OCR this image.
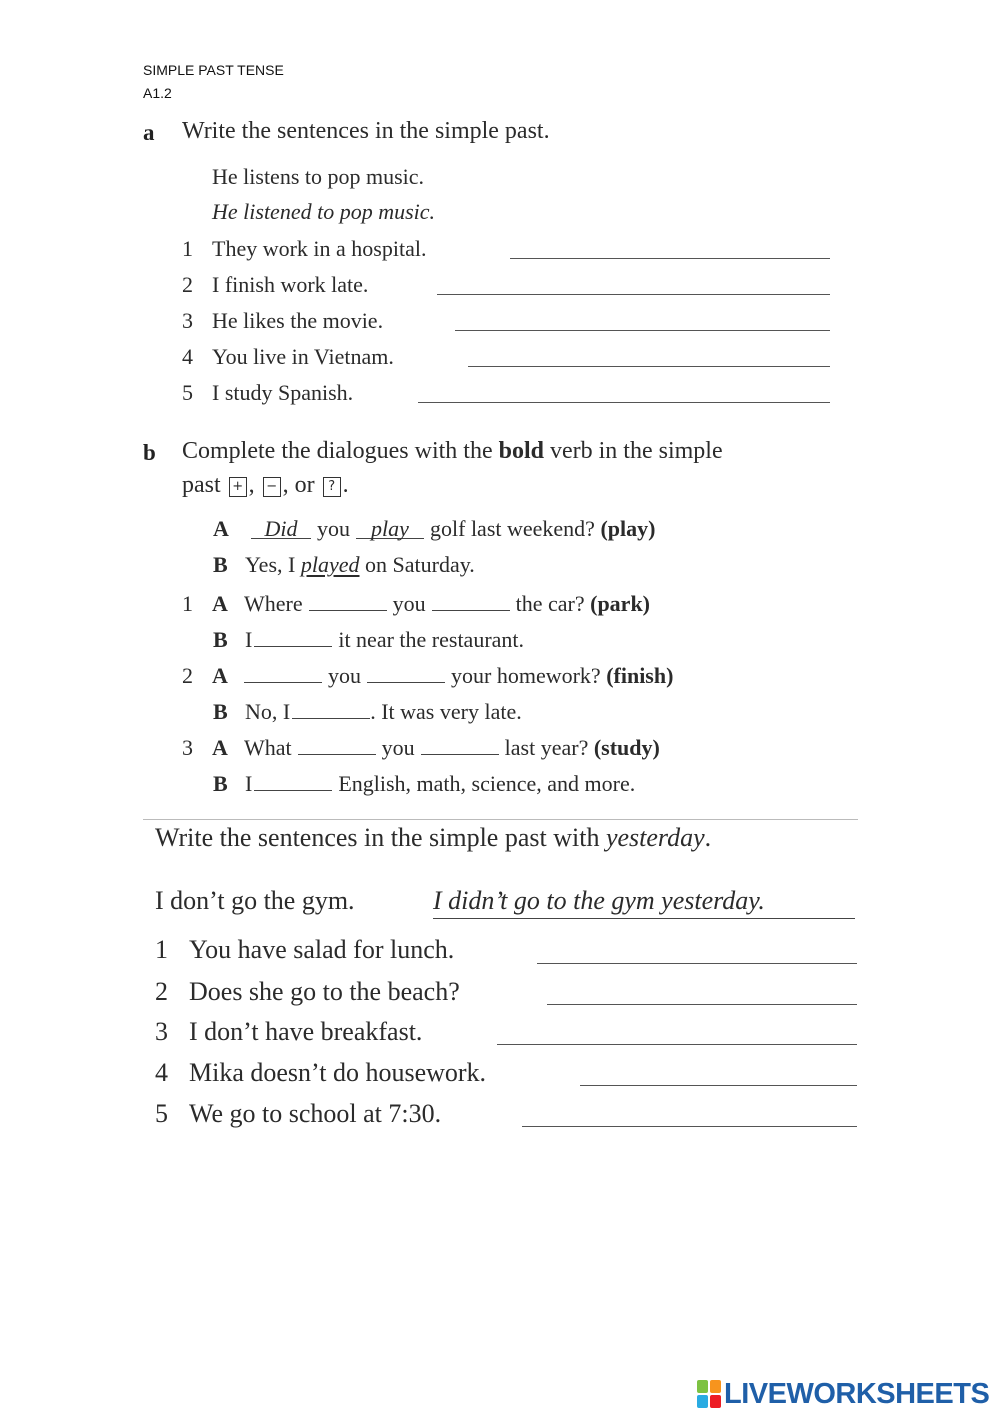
SIMPLE PAST TENSE
A1.2
a Write the sentences in the simple past.
He listens to pop music.
He listened to pop music.
1 They work in a hospital.
2 I finish work late.
3 He likes the movie.
4 You live in Vietnam.
5 I study Spanish.
b Complete the dialogues with the bold verb in the simple
past + , − , or ? .
A Did you play golf last weekend? (play)
B Yes, I played on Saturday.
1 A Where	you	the car? (park)
B I	it near the restaurant.
2 A	you	your homework? (finish)
B No, I	. It was very late.
3 A What	you	last year? (study)
B I	English, math, science, and more.
Write the sentences in the simple past with yesterday.
I don’t go the gym.	I didn’t go to the gym yesterday.
1 You have salad for lunch.
2 Does she go to the beach?
3 I don’t have breakfast.
4 Mika doesn’t do housework.
5 We go to school at 7:30.
LIVEWORKSHEETS
